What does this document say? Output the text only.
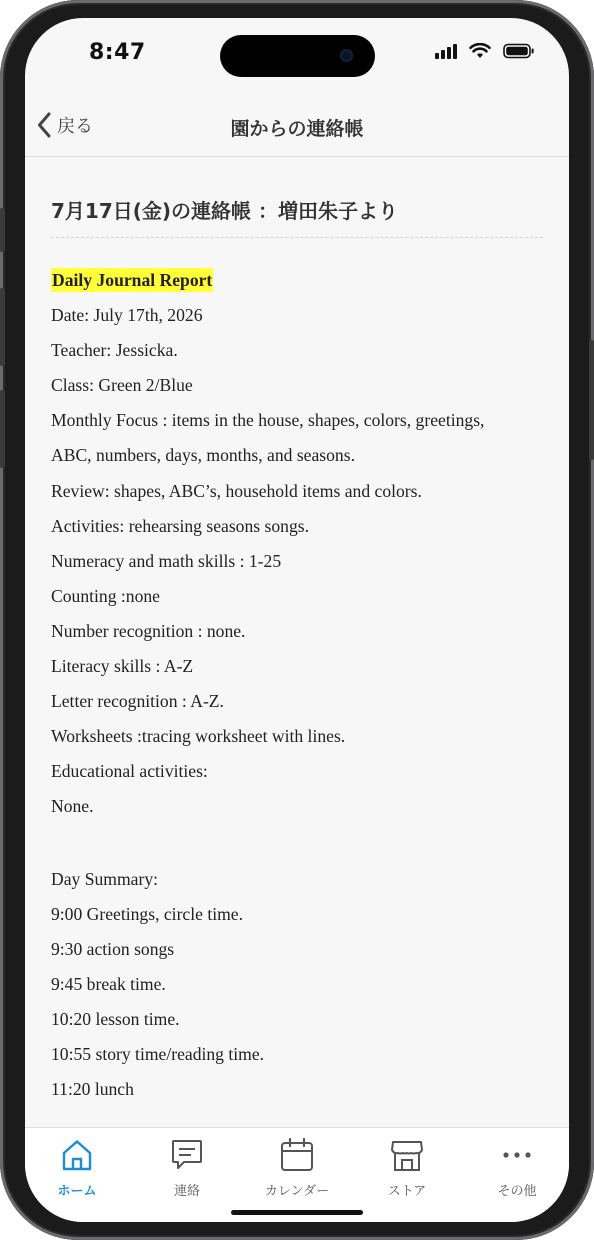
8:47
戻る	園からの連絡帳
7月17日(金)の連絡帳 ：増田朱子より
Daily Journal Report
Date: July 17th, 2026
Teacher: Jessicka.
Class: Green 2/Blue
Monthly Focus : items in the house, shapes, colors, greetings,
ABC, numbers, days, months, and seasons.
Review: shapes, ABC’s, household items and colors.
Activities: rehearsing seasons songs.
Numeracy and math skills : 1-25
Counting :none
Number recognition : none.
Literacy skills : A-Z
Letter recognition : A-Z.
Worksheets :tracing worksheet with lines.
Educational activities:
None.
Day Summary:
9:00 Greetings, circle time.
9:30 action songs
9:45 break time.
10:20 lesson time.
10:55 story time/reading time.
11:20 lunch
ホーム	連絡	カレンダー	ストア	その他
